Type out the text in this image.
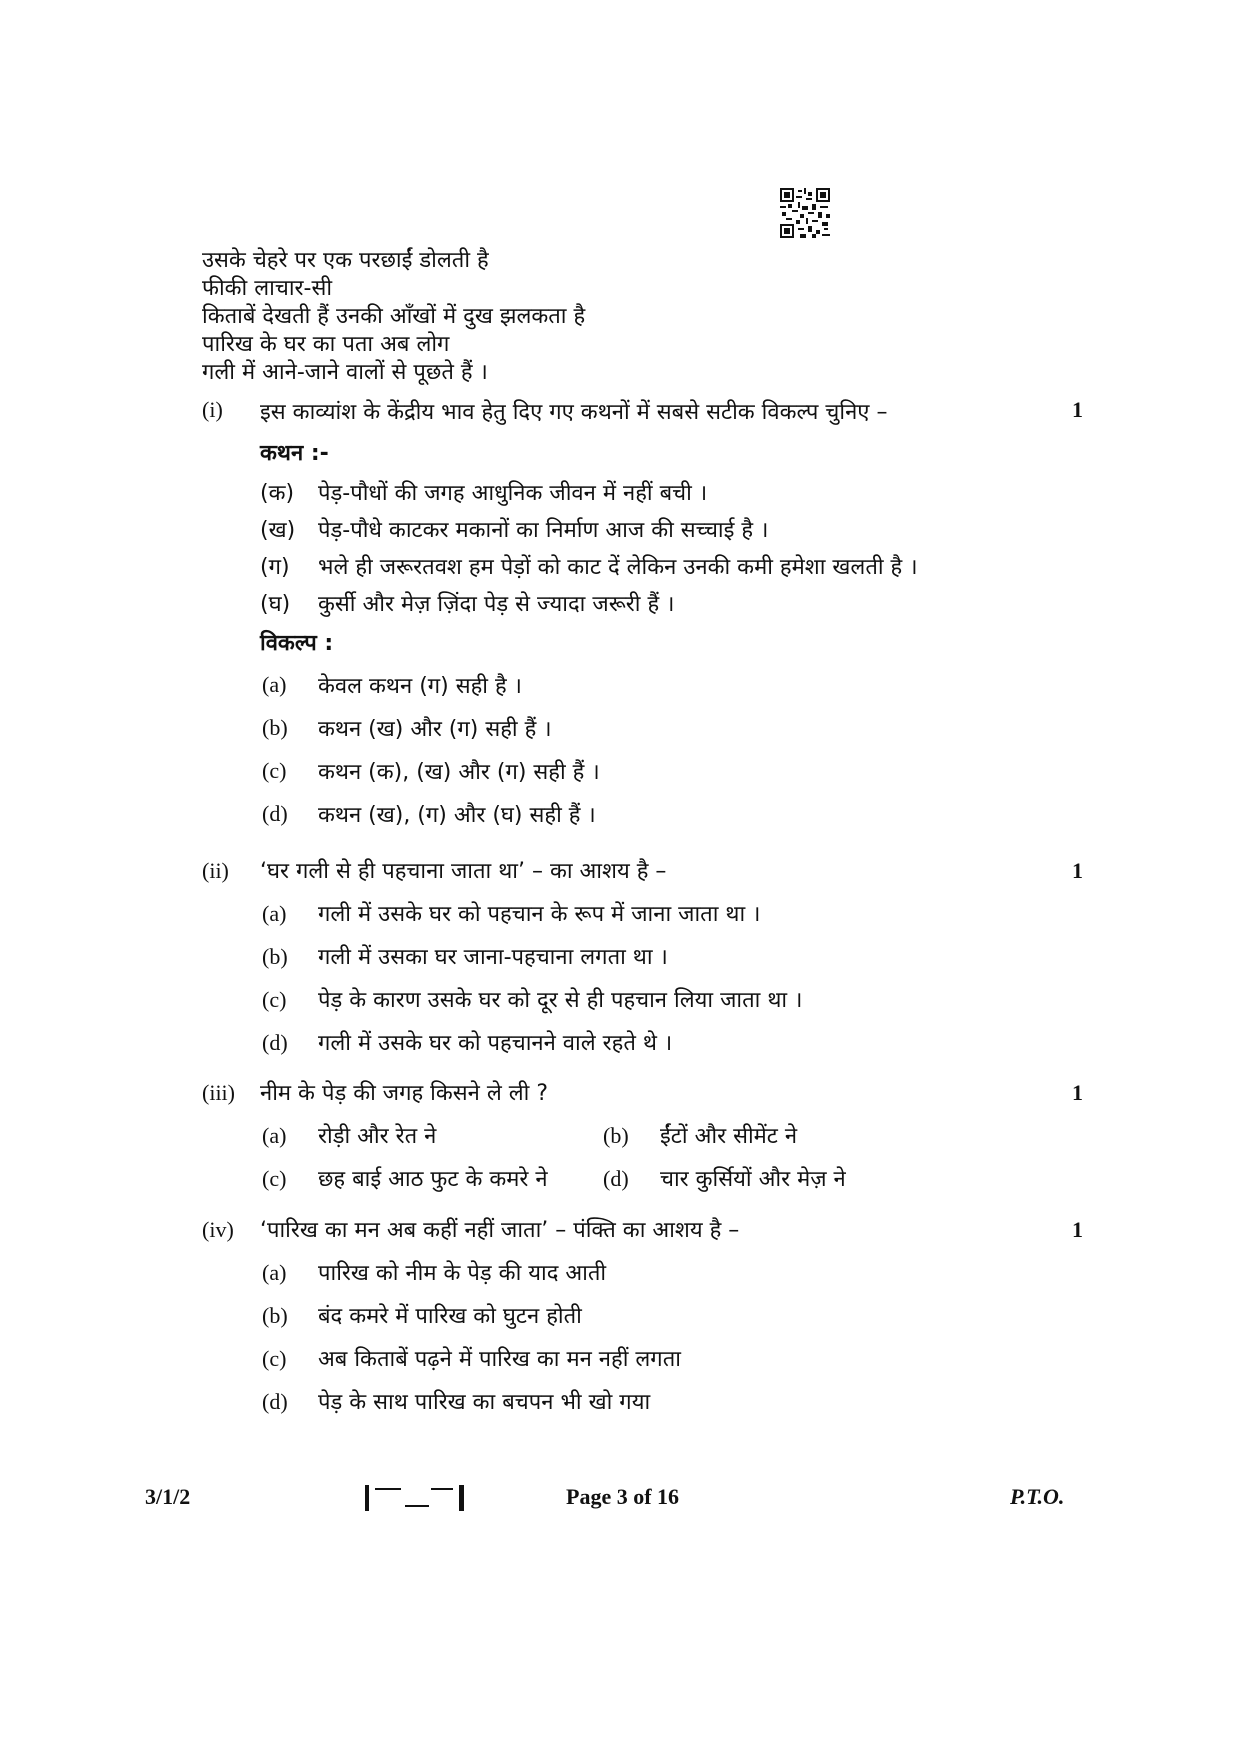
उसके चेहरे पर एक परछाईं डोलती है
फीकी लाचार-सी
किताबें देखती हैं उनकी आँखों में दुख झलकता है
पारिख के घर का पता अब लोग
गली में आने-जाने वालों से पूछते हैं ।
(i) इस काव्यांश के केंद्रीय भाव हेतु दिए गए कथनों में सबसे सटीक विकल्प चुनिए –	1
कथन :-
(क) पेड़-पौधों की जगह आधुनिक जीवन में नहीं बची ।
(ख) पेड़-पौधे काटकर मकानों का निर्माण आज की सच्चाई है ।
(ग) भले ही जरूरतवश हम पेड़ों को काट दें लेकिन उनकी कमी हमेशा खलती है ।
(घ) कुर्सी और मेज़ ज़िंदा पेड़ से ज्यादा जरूरी हैं ।
विकल्प :
(a) केवल कथन (ग) सही है ।
(b) कथन (ख) और (ग) सही हैं ।
(c) कथन (क), (ख) और (ग) सही हैं ।
(d) कथन (ख), (ग) और (घ) सही हैं ।
(ii) ‘घर गली से ही पहचाना जाता था’ – का आशय है –	1
(a) गली में उसके घर को पहचान के रूप में जाना जाता था ।
(b) गली में उसका घर जाना-पहचाना लगता था ।
(c) पेड़ के कारण उसके घर को दूर से ही पहचान लिया जाता था ।
(d) गली में उसके घर को पहचानने वाले रहते थे ।
(iii) नीम के पेड़ की जगह किसने ले ली ?	1
(a) रोड़ी और रेत ने	(b) ईंटों और सीमेंट ने
(c) छह बाई आठ फुट के कमरे ने	(d) चार कुर्सियों और मेज़ ने
(iv) ‘पारिख का मन अब कहीं नहीं जाता’ – पंक्ति का आशय है –	1
(a) पारिख को नीम के पेड़ की याद आती
(b) बंद कमरे में पारिख को घुटन होती
(c) अब किताबें पढ़ने में पारिख का मन नहीं लगता
(d) पेड़ के साथ पारिख का बचपन भी खो गया
3/1/2	Page 3 of 16	P.T.O.
